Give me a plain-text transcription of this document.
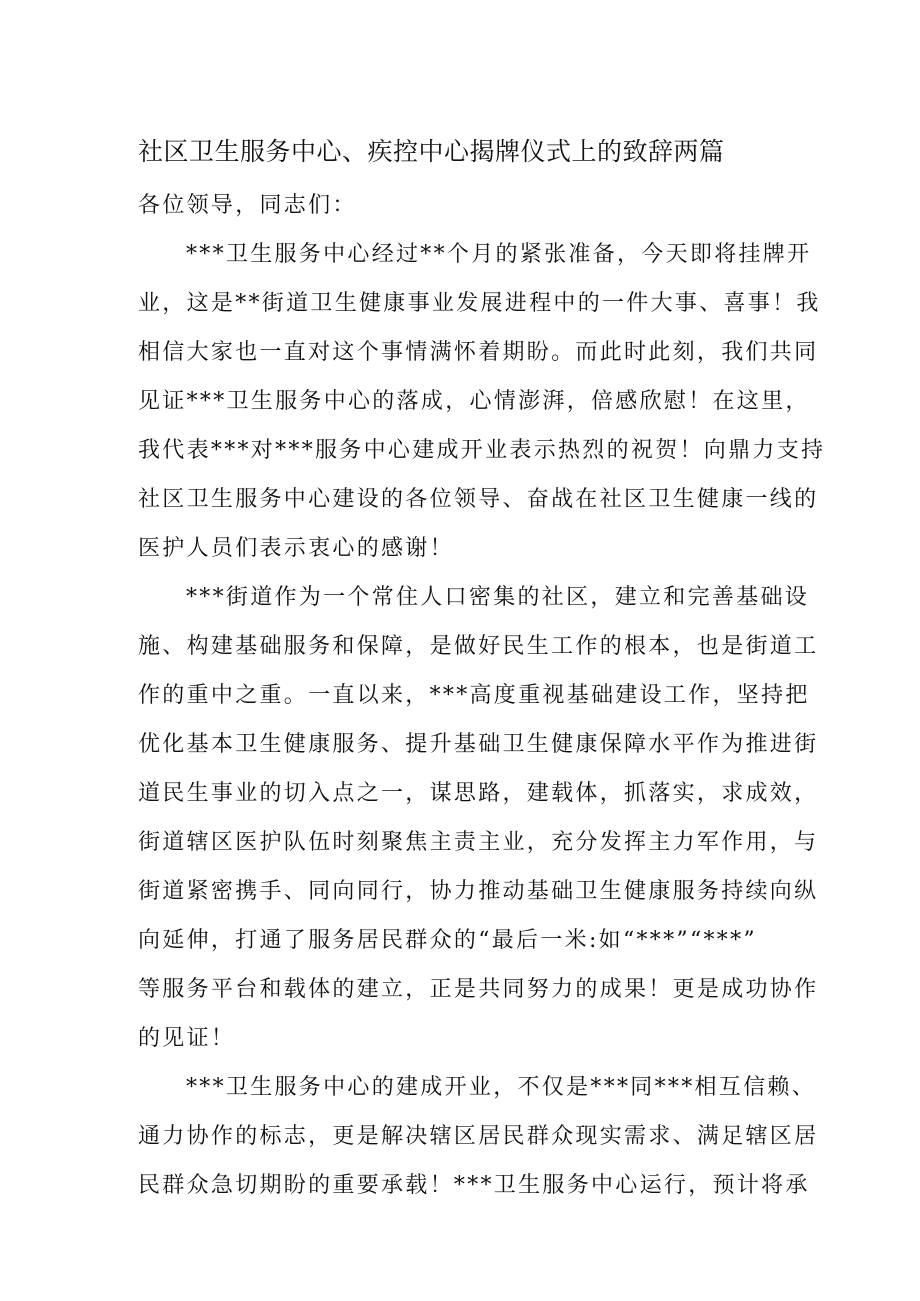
社区卫生服务中心、疾控中心揭牌仪式上的致辞两篇
各位领导，同志们：
***卫生服务中心经过**个月的紧张准备，今天即将挂牌开
业，这是**街道卫生健康事业发展进程中的一件大事、喜事！我
相信大家也一直对这个事情满怀着期盼。而此时此刻，我们共同
见证***卫生服务中心的落成，心情澎湃，倍感欣慰！在这里，
我代表***对***服务中心建成开业表示热烈的祝贺！向鼎力支持
社区卫生服务中心建设的各位领导、奋战在社区卫生健康一线的
医护人员们表示衷心的感谢！
***街道作为一个常住人口密集的社区，建立和完善基础设
施、构建基础服务和保障，是做好民生工作的根本，也是街道工
作的重中之重。一直以来，***高度重视基础建设工作，坚持把
优化基本卫生健康服务、提升基础卫生健康保障水平作为推进街
道民生事业的切入点之一，谋思路，建载体，抓落实，求成效，
街道辖区医护队伍时刻聚焦主责主业，充分发挥主力军作用，与
街道紧密携手、同向同行，协力推动基础卫生健康服务持续向纵
向延伸，打通了服务居民群众的“最后一米:如“***”“***”
等服务平台和载体的建立，正是共同努力的成果！更是成功协作
的见证！
***卫生服务中心的建成开业，不仅是***同***相互信赖、
通力协作的标志，更是解决辖区居民群众现实需求、满足辖区居
民群众急切期盼的重要承载！***卫生服务中心运行，预计将承
